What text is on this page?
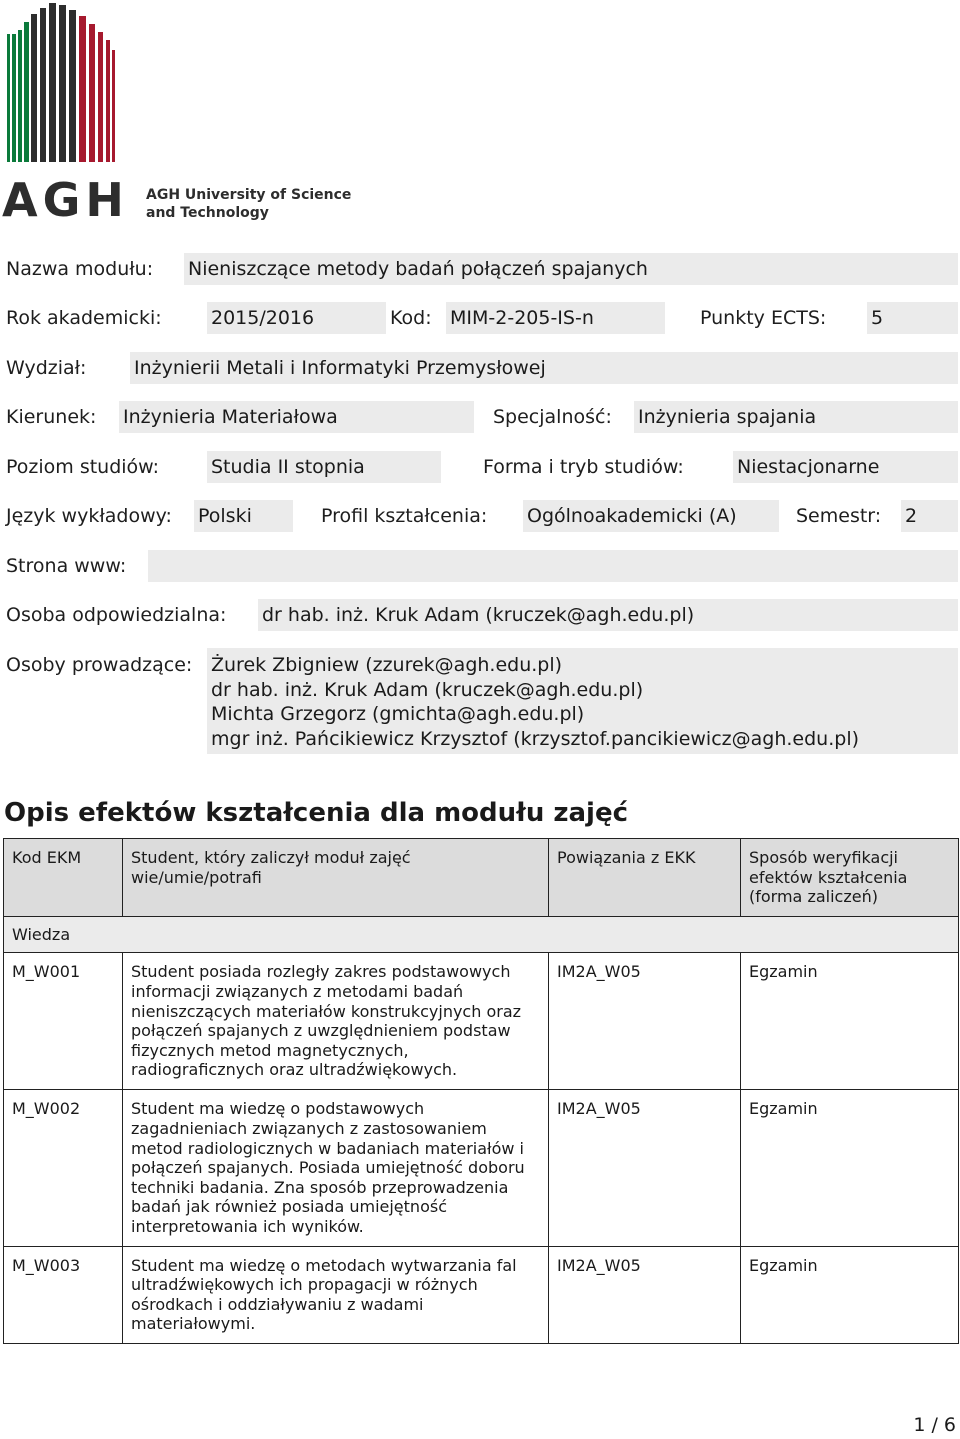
AGH AGH University of Science
and Technology
Nazwa modułu: Nieniszczące metody badań połączeń spajanych
Rok akademicki:	2015/2016	Kod: MIM-2-205-IS-n	Punkty ECTS: 5
Wydział:	Inżynierii Metali i Informatyki Przemysłowej
Kierunek: Inżynieria Materiałowa	Specjalność: Inżynieria spajania
Poziom studiów:	Studia II stopnia	Forma i tryb studiów:	Niestacjonarne
Język wykładowy: Polski	Profil kształcenia: Ogólnoakademicki (A)	Semestr: 2
Strona www:
Osoba odpowiedzialna: dr hab. inż. Kruk Adam (kruczek@agh.edu.pl)
Osoby prowadzące: Żurek Zbigniew (zzurek@agh.edu.pl)
dr hab. inż. Kruk Adam (kruczek@agh.edu.pl)
Michta Grzegorz (gmichta@agh.edu.pl)
mgr inż. Pańcikiewicz Krzysztof (krzysztof.pancikiewicz@agh.edu.pl)
Opis efektów kształcenia dla modułu zajęć
Kod EKM	Student, który zaliczył moduł zajęć wie/umie/potrafi	Powiązania z EKK	Sposób weryfikacji efektów kształcenia (forma zaliczeń)
Wiedza			
M_W001	Student posiada rozległy zakres podstawowych informacji związanych z metodami badań nieniszczących materiałów konstrukcyjnych oraz połączeń spajanych z uwzględnieniem podstaw fizycznych metod magnetycznych, radiograficznych oraz ultradźwiękowych.	IM2A_W05	Egzamin
M_W002	Student ma wiedzę o podstawowych zagadnieniach związanych z zastosowaniem metod radiologicznych w badaniach materiałów i połączeń spajanych. Posiada umiejętność doboru techniki badania. Zna sposób przeprowadzenia badań jak również posiada umiejętność interpretowania ich wyników.	IM2A_W05	Egzamin
M_W003	Student ma wiedzę o metodach wytwarzania fal ultradźwiękowych ich propagacji w różnych ośrodkach i oddziaływaniu z wadami materiałowymi.	IM2A_W05	Egzamin
1 / 6
